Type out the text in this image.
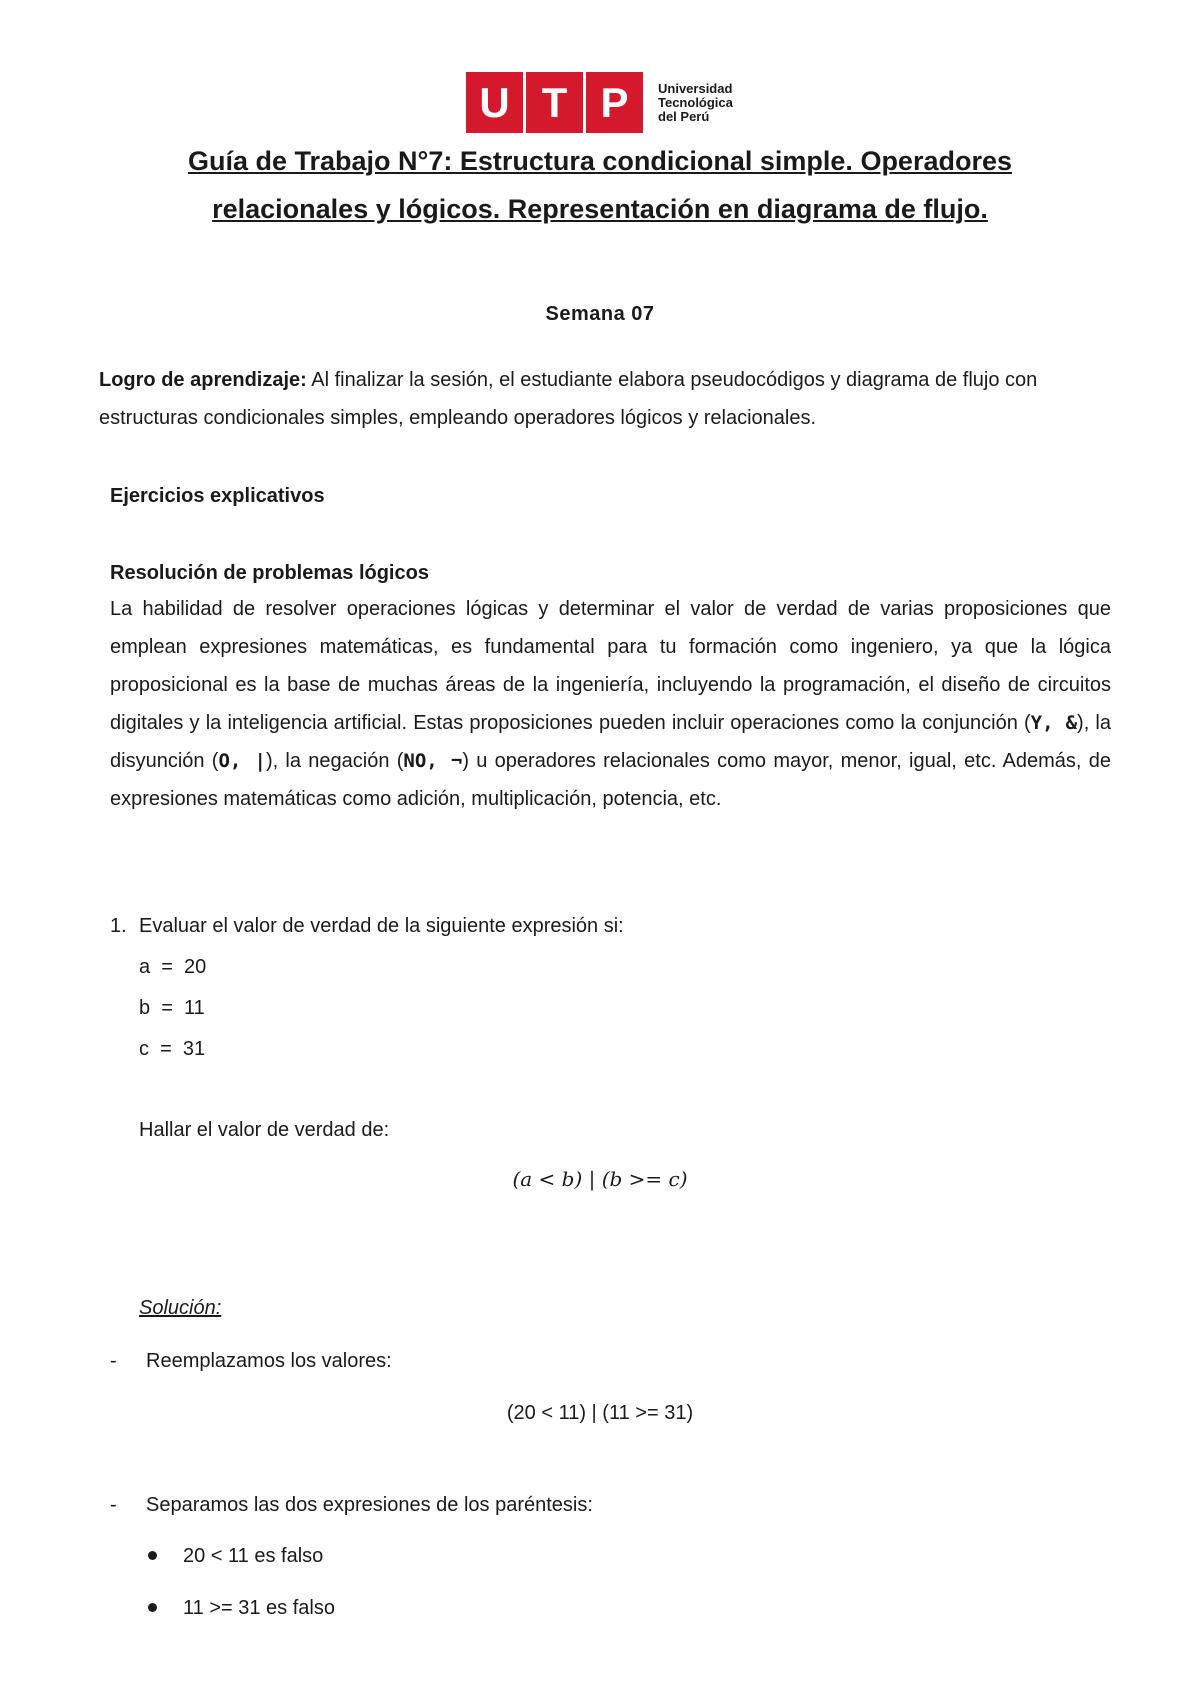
U T P	Universidad
Tecnológica
del Perú
Guía de Trabajo N°7: Estructura condicional simple. Operadores
relacionales y lógicos. Representación en diagrama de flujo.
Semana 07
Logro de aprendizaje: Al finalizar la sesión, el estudiante elabora pseudocódigos y diagrama de flujo con estructuras condicionales simples, empleando operadores lógicos y relacionales.
Ejercicios explicativos
Resolución de problemas lógicos
La habilidad de resolver operaciones lógicas y determinar el valor de verdad de varias proposiciones que emplean expresiones matemáticas, es fundamental para tu formación como ingeniero, ya que la lógica proposicional es la base de muchas áreas de la ingeniería, incluyendo la programación, el diseño de circuitos digitales y la inteligencia artificial. Estas proposiciones pueden incluir operaciones como la conjunción (Y, &), la disyunción (O, |), la negación (NO, ¬) u operadores relacionales como mayor, menor, igual, etc. Además, de expresiones matemáticas como adición, multiplicación, potencia, etc.
1. Evaluar el valor de verdad de la siguiente expresión si:
a  =  20
b  =  11
c  =  31
Hallar el valor de verdad de:
(a < b) | (b >= c)
Solución:
- Reemplazamos los valores:
(20 < 11) | (11 >= 31)
- Separamos las dos expresiones de los paréntesis:
20 < 11 es falso
11 >= 31 es falso
